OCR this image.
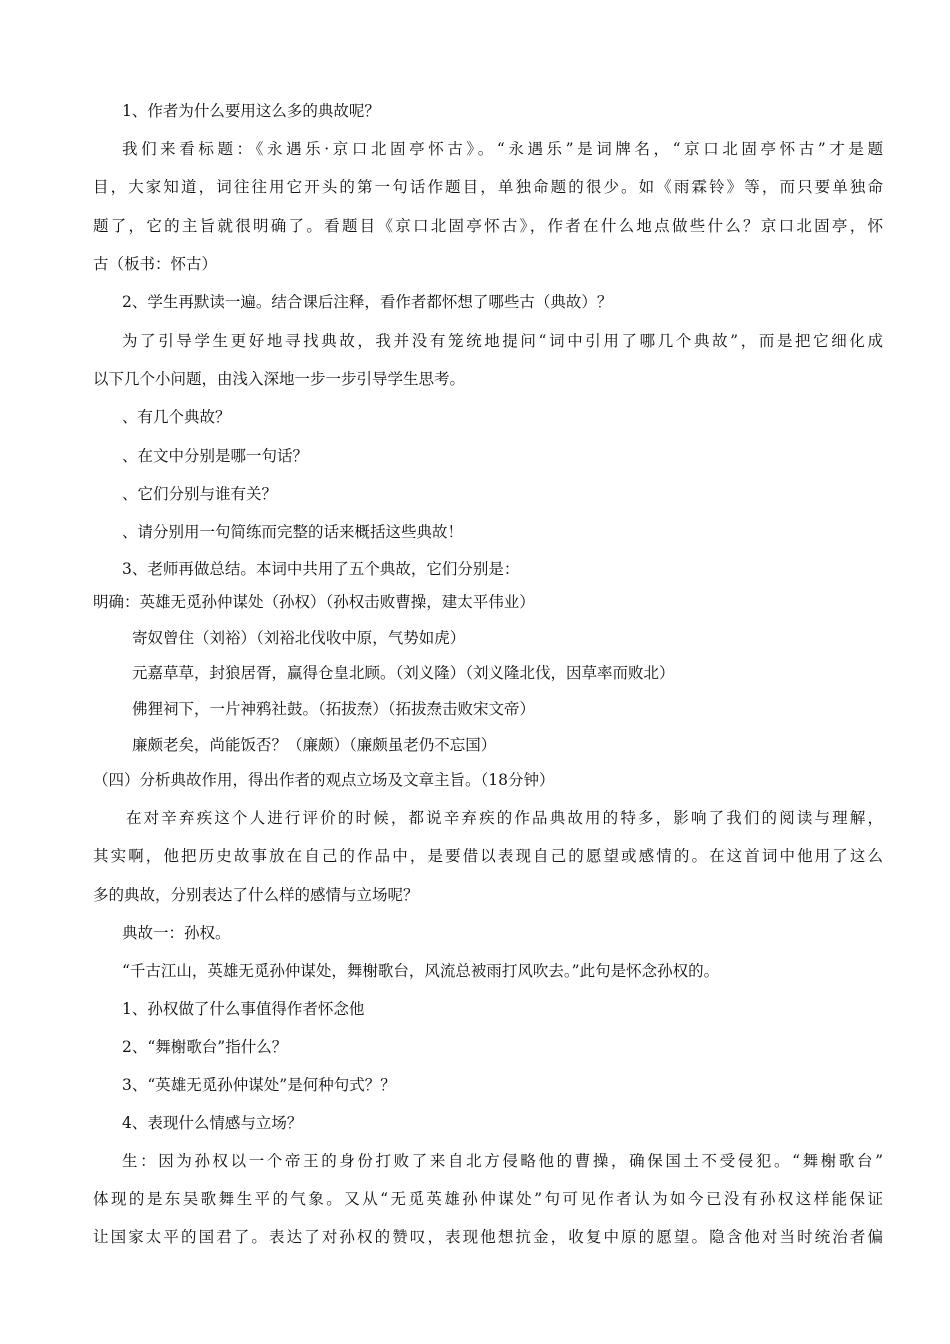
1、作者为什么要用这么多的典故呢？
我们来看标题：《永遇乐·京口北固亭怀古》。“永遇乐”是词牌名，“京口北固亭怀古”才是题
目，大家知道，词往往用它开头的第一句话作题目，单独命题的很少。如《雨霖铃》等，而只要单独命
题了，它的主旨就很明确了。看题目《京口北固亭怀古》，作者在什么地点做些什么？京口北固亭，怀
古（板书：怀古）
2、学生再默读一遍。结合课后注释，看作者都怀想了哪些古（典故）？
为了引导学生更好地寻找典故，我并没有笼统地提问“词中引用了哪几个典故”，而是把它细化成
以下几个小问题，由浅入深地一步一步引导学生思考。
、有几个典故？
、在文中分别是哪一句话？
、它们分别与谁有关？
、请分别用一句简练而完整的话来概括这些典故！
3、老师再做总结。本词中共用了五个典故，它们分别是：
明确：英雄无觅孙仲谋处（孙权）（孙权击败曹操，建太平伟业）
寄奴曾住（刘裕）（刘裕北伐收中原，气势如虎）
元嘉草草，封狼居胥，赢得仓皇北顾。（刘义隆）（刘义隆北伐，因草率而败北）
佛狸祠下，一片神鸦社鼓。（拓拔焘）（拓拔焘击败宋文帝）
廉颇老矣，尚能饭否？（廉颇）（廉颇虽老仍不忘国）
（四）分析典故作用，得出作者的观点立场及文章主旨。（18分钟）
在对辛弃疾这个人进行评价的时候，都说辛弃疾的作品典故用的特多，影响了我们的阅读与理解，
其实啊，他把历史故事放在自己的作品中，是要借以表现自己的愿望或感情的。在这首词中他用了这么
多的典故，分别表达了什么样的感情与立场呢？
典故一：孙权。
“千古江山，英雄无觅孙仲谋处，舞榭歌台，风流总被雨打风吹去。”此句是怀念孙权的。
1、孙权做了什么事值得作者怀念他
2、“舞榭歌台”指什么？
3、“英雄无觅孙仲谋处”是何种句式？？
4、表现什么情感与立场？
生：因为孙权以一个帝王的身份打败了来自北方侵略他的曹操，确保国土不受侵犯。“舞榭歌台”
体现的是东吴歌舞生平的气象。又从“无觅英雄孙仲谋处”句可见作者认为如今已没有孙权这样能保证
让国家太平的国君了。表达了对孙权的赞叹，表现他想抗金，收复中原的愿望。隐含他对当时统治者偏
